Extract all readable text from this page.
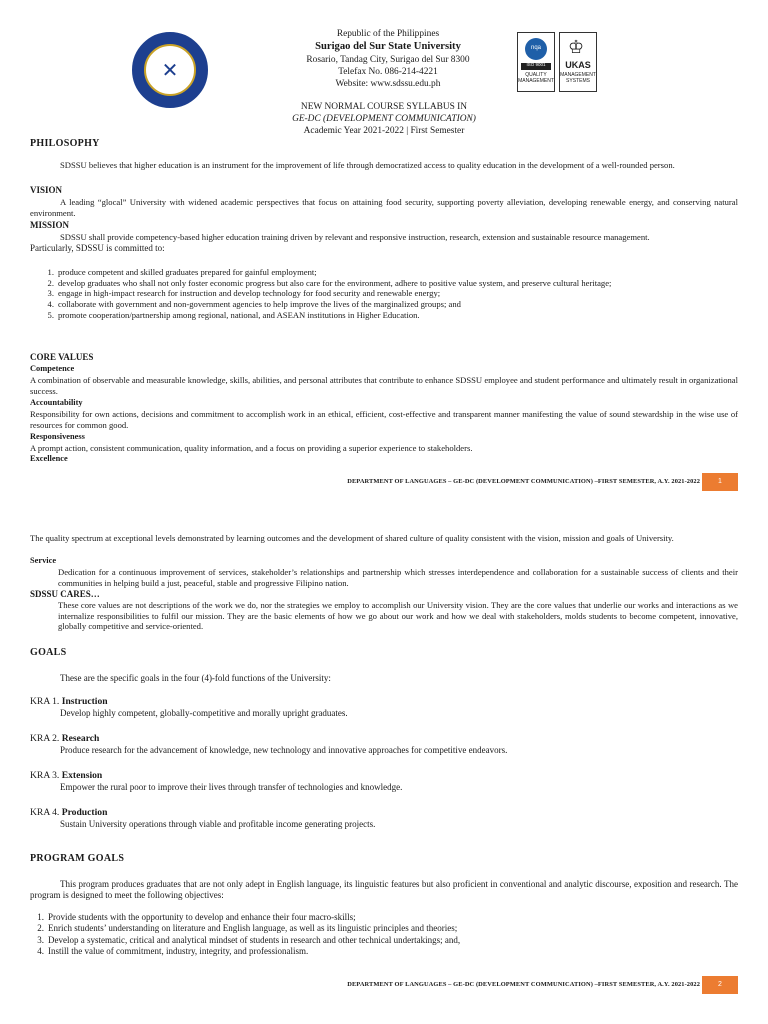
✕
Republic of the Philippines
Surigao del Sur State University
Rosario, Tandag City, Surigao del Sur 8300
Telefax No. 086-214-4221
Website: www.sdssu.edu.ph
nqa
ISO 9001
QUALITY MANAGEMENT
♔
UKAS
MANAGEMENT SYSTEMS
NEW NORMAL COURSE SYLLABUS IN
GE-DC (DEVELOPMENT COMMUNICATION)
Academic Year 2021-2022 | First Semester
PHILOSOPHY
SDSSU believes that higher education is an instrument for the improvement of life through democratized access to quality education in the development of a well-rounded person.
VISION
A leading “glocal” University with widened academic perspectives that focus on attaining food security, supporting poverty alleviation, developing renewable energy, and conserving natural environment.
MISSION
SDSSU shall provide competency-based higher education training driven by relevant and responsive instruction, research, extension and sustainable resource management.
Particularly, SDSSU is committed to:
1. produce competent and skilled graduates prepared for gainful employment;
2. develop graduates who shall not only foster economic progress but also care for the environment, adhere to positive value system, and preserve cultural heritage;
3. engage in high-impact research for instruction and develop technology for food security and renewable energy;
4. collaborate with government and non-government agencies to help improve the lives of the marginalized groups; and
5. promote cooperation/partnership among regional, national, and ASEAN institutions in Higher Education.
CORE VALUES
Competence
A combination of observable and measurable knowledge, skills, abilities, and personal attributes that contribute to enhance SDSSU employee and student performance and ultimately result in organizational success.
Accountability
Responsibility for own actions, decisions and commitment to accomplish work in an ethical, efficient, cost-effective and transparent manner manifesting the value of sound stewardship in the wise use of resources for common good.
Responsiveness
A prompt action, consistent communication, quality information, and a focus on providing a superior experience to stakeholders.
Excellence
DEPARTMENT OF LANGUAGES – GE-DC (DEVELOPMENT COMMUNICATION) –FIRST SEMESTER, A.Y. 2021-2022	1
The quality spectrum at exceptional levels demonstrated by learning outcomes and the development of shared culture of quality consistent with the vision, mission and goals of University.
Service
Dedication for a continuous improvement of services, stakeholder’s relationships and partnership which stresses interdependence and collaboration for a sustainable success of clients and their communities in helping build a just, peaceful, stable and progressive Filipino nation.
SDSSU CARES…
These core values are not descriptions of the work we do, nor the strategies we employ to accomplish our University vision. They are the core values that underlie our works and interactions as we internalize responsibilities to fulfil our mission. They are the basic elements of how we go about our work and how we deal with stakeholders, molds students to become competent, innovative, globally competitive and service-oriented.
GOALS
These are the specific goals in the four (4)-fold functions of the University:
KRA 1. Instruction
Develop highly competent, globally-competitive and morally upright graduates.
KRA 2. Research
Produce research for the advancement of knowledge, new technology and innovative approaches for competitive endeavors.
KRA 3. Extension
Empower the rural poor to improve their lives through transfer of technologies and knowledge.
KRA 4. Production
Sustain University operations through viable and profitable income generating projects.
PROGRAM GOALS
This program produces graduates that are not only adept in English language, its linguistic features but also proficient in conventional and analytic discourse, exposition and research. The program is designed to meet the following objectives:
1. Provide students with the opportunity to develop and enhance their four macro-skills;
2. Enrich students’ understanding on literature and English language, as well as its linguistic principles and theories;
3. Develop a systematic, critical and analytical mindset of students in research and other technical undertakings; and,
4. Instill the value of commitment, industry, integrity, and professionalism.
DEPARTMENT OF LANGUAGES – GE-DC (DEVELOPMENT COMMUNICATION) –FIRST SEMESTER, A.Y. 2021-2022	2
